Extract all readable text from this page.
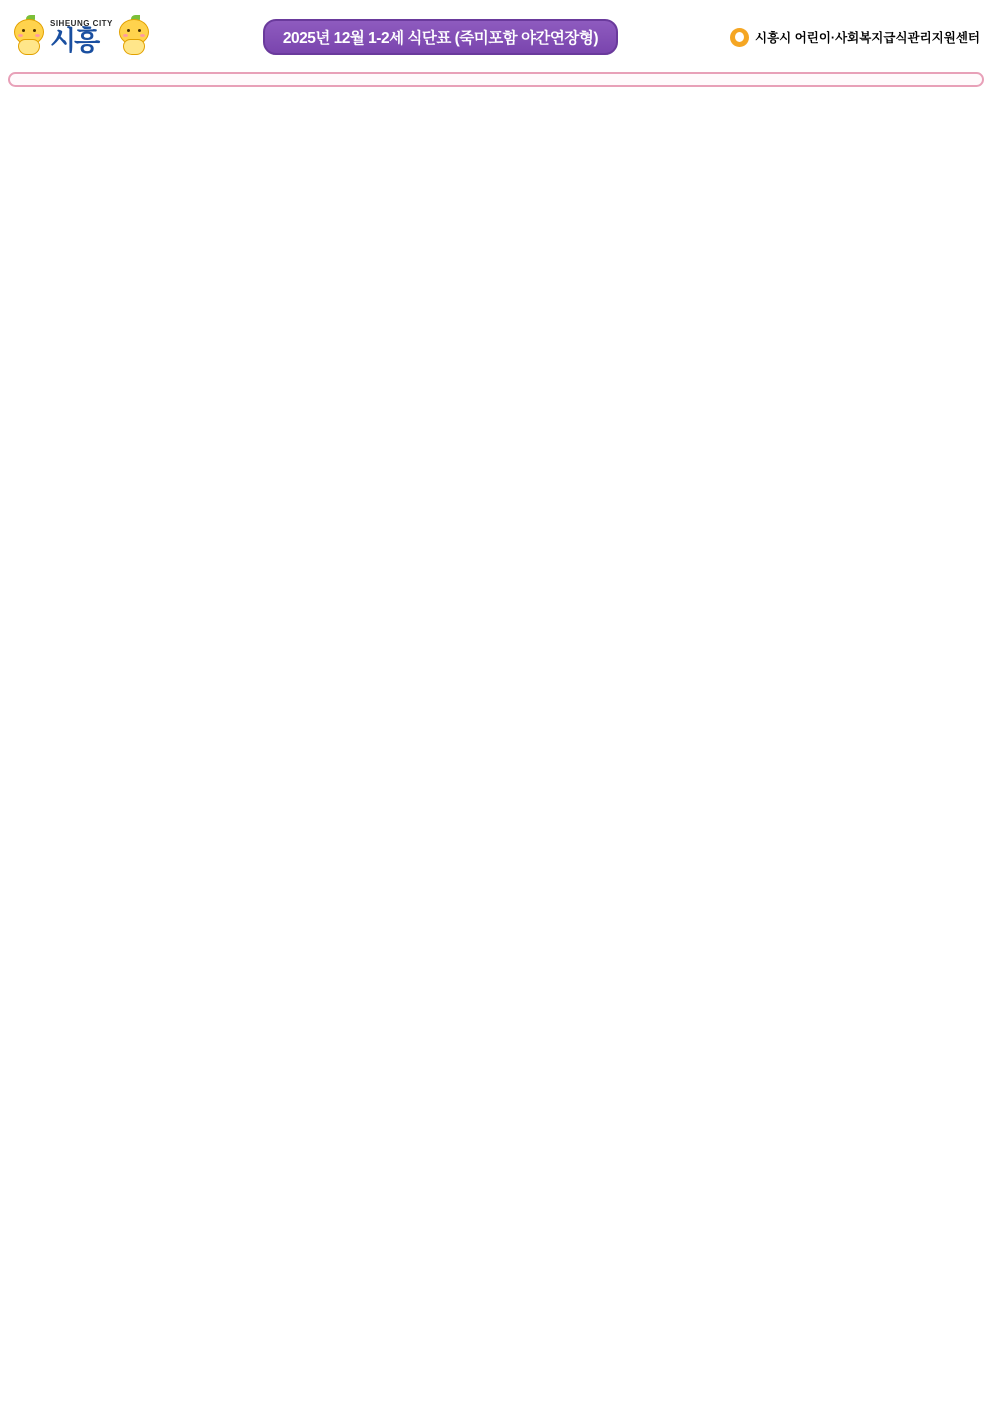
SIHEUNG CITY
시흥	2025년 12월 1-2세 식단표 (죽미포함 야간연장형)	시흥시 어린이·사회복지급식관리지원센터
